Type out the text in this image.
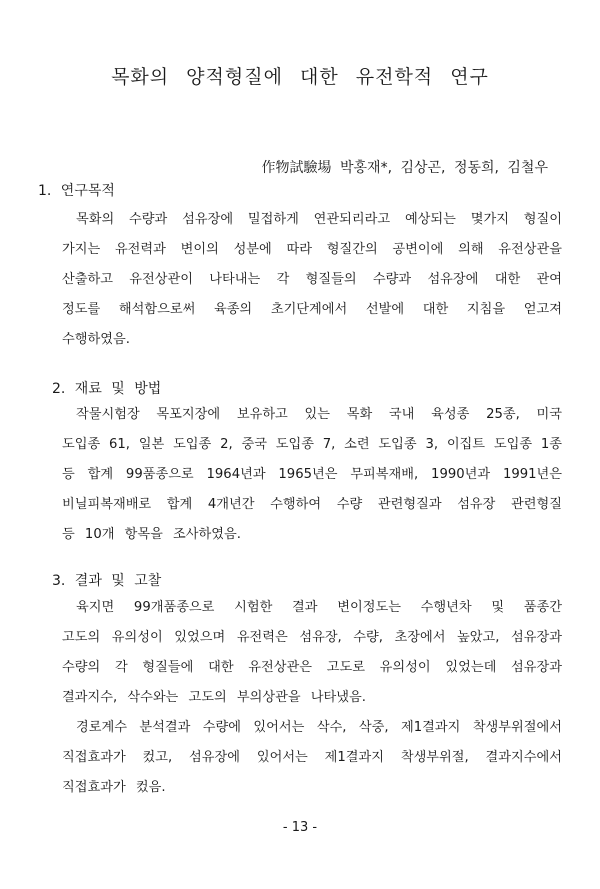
목화의 양적형질에 대한 유전학적 연구
作物試驗場 박홍재*, 김상곤, 정동희, 김철우
1. 연구목적
목화의 수량과 섬유장에 밀접하게 연관되리라고 예상되는 몇가지 형질이
가지는 유전력과 변이의 성분에 따라 형질간의 공변이에 의해 유전상관을
산출하고 유전상관이 나타내는 각 형질들의 수량과 섬유장에 대한 관여
정도를 해석함으로써 육종의 초기단계에서 선발에 대한 지침을 얻고져
수행하였음.
2. 재료 및 방법
작물시험장 목포지장에 보유하고 있는 목화 국내 육성종 25종, 미국
도입종 61, 일본 도입종 2, 중국 도입종 7, 소련 도입종 3, 이집트 도입종 1종
등 합계 99품종으로 1964년과 1965년은 무피복재배, 1990년과 1991년은
비닐피복재배로 합계 4개년간 수행하여 수량 관련형질과 섬유장 관련형질
등 10개 항목을 조사하였음.
3. 결과 및 고찰
육지면 99개품종으로 시험한 결과 변이정도는 수행년차 및 품종간
고도의 유의성이 있었으며 유전력은 섬유장, 수량, 초장에서 높았고, 섬유장과
수량의 각 형질들에 대한 유전상관은 고도로 유의성이 있었는데 섬유장과
결과지수, 삭수와는 고도의 부의상관을 나타냈음.
경로계수 분석결과 수량에 있어서는 삭수, 삭중, 제1결과지 착생부위절에서
직접효과가 컸고, 섬유장에 있어서는 제1결과지 착생부위절, 결과지수에서
직접효과가 컸음.
- 13 -
